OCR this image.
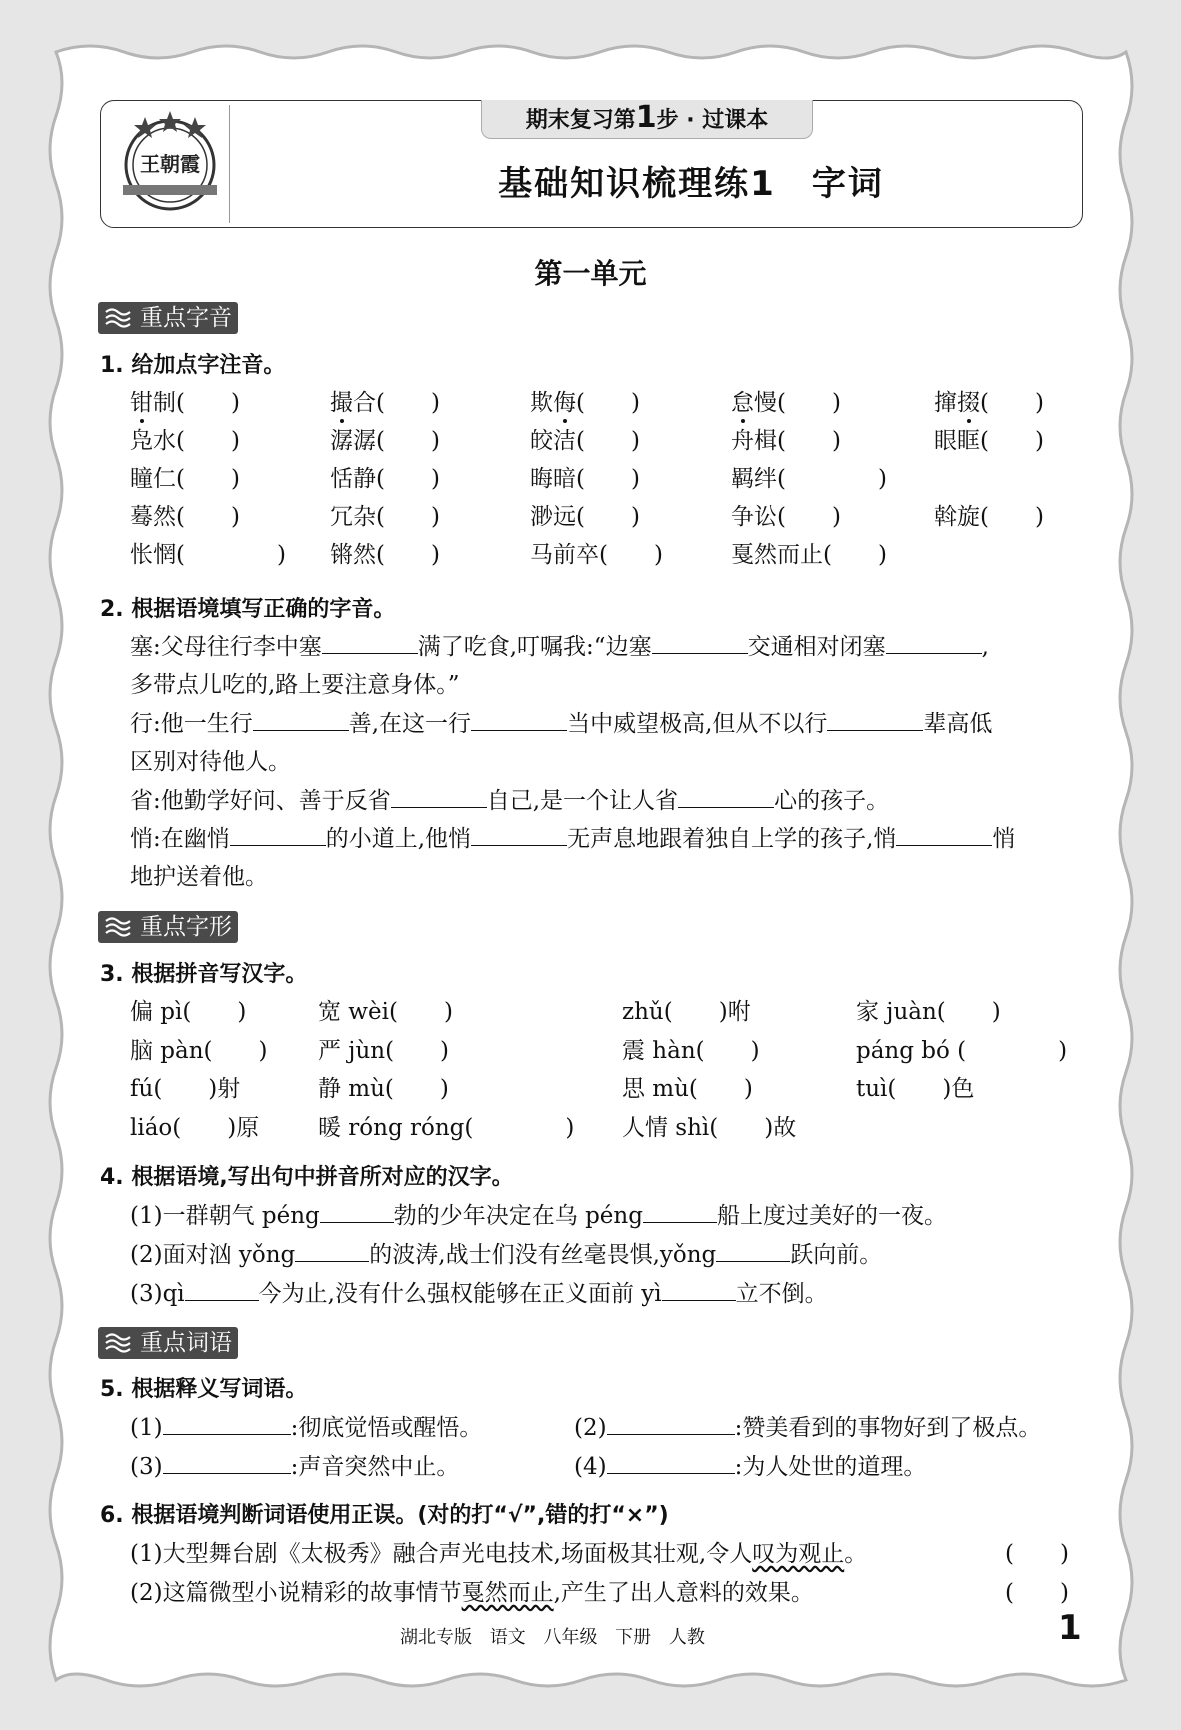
王朝霞
期末复习第1步 · 过课本
基础知识梳理练1　字词
第一单元
重点字音
1. 给加点字注音。
钳制(　　)	撮合(　　)	欺侮(　　)	怠慢(　　)	撺掇(　　)
凫水(　　)	潺潺(　　)	皎洁(　　)	舟楫(　　)	眼眶(　　)
瞳仁(　　)	恬静(　　)	晦暗(　　)	羁绊(　　　　)
蓦然(　　)	冗杂(　　)	渺远(　　)	争讼(　　)	斡旋(　　)
怅惘(　　　　) 锵然(　　)	马前卒(　　)	戛然而止(　　)
2. 根据语境填写正确的字音。
塞:父母往行李中塞	满了吃食,叮嘱我:“边塞	交通相对闭塞	,
多带点儿吃的,路上要注意身体。”
行:他一生行	善,在这一行	当中威望极高,但从不以行	辈高低
区别对待他人。
省:他勤学好问、善于反省	自己,是一个让人省	心的孩子。
悄:在幽悄	的小道上,他悄	无声息地跟着独自上学的孩子,悄	悄
地护送着他。
重点字形
3. 根据拼音写汉字。
偏 pì(　　)	宽 wèi(　　)	zhǔ(　　)咐	家 juàn(　　)
脑 pàn(　　) 严 jùn(　　)	震 hàn(　　)	páng bó (　　　　)
fú(　　)射	静 mù(　　)	思 mù(　　)	tuì(　　)色
liáo(　　)原	暖 róng róng(　　　　) 人情 shì(　　)故
4. 根据语境,写出句中拼音所对应的汉字。
(1)一群朝气 péng	勃的少年决定在乌 péng	船上度过美好的一夜。
(2)面对汹 yǒng	的波涛,战士们没有丝毫畏惧,yǒng	跃向前。
(3)qì	今为止,没有什么强权能够在正义面前 yì	立不倒。
重点词语
5. 根据释义写词语。
(1)	:彻底觉悟或醒悟。	(2)	:赞美看到的事物好到了极点。
(3)	:声音突然中止。	(4)	:为人处世的道理。
6. 根据语境判断词语使用正误。(对的打“√”,错的打“×”)
(1)大型舞台剧《太极秀》融合声光电技术,场面极其壮观,令人叹为观止。	(　　)
(2)这篇微型小说精彩的故事情节戛然而止,产生了出人意料的效果。	(　　)
湖北专版 语文 八年级 下册 人教	1
